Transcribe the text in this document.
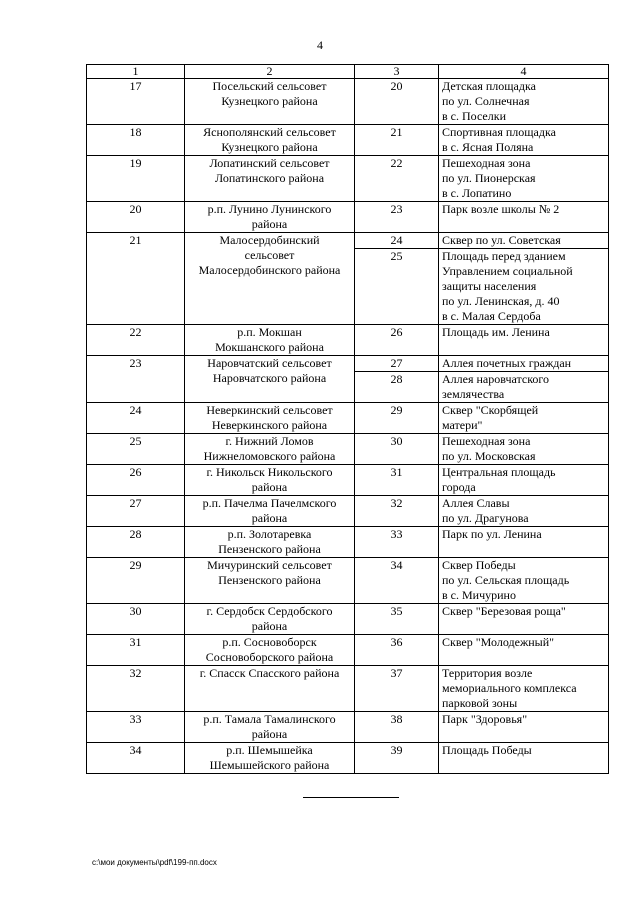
4
1	2	3	4
17	Посельский сельсовет
Кузнецкого района	20	Детская площадка
по ул. Солнечная
в с. Поселки

18	Яснополянский сельсовет
Кузнецкого района	21	Спортивная площадка
в с. Ясная Поляна

19	Лопатинский сельсовет
Лопатинского района	22	Пешеходная зона
по ул. Пионерская
в с. Лопатино

20	р.п. Лунино Лунинского
района	23	Парк возле школы № 2

21	Малосердобинский
сельсовет
Малосердобинского района	24	Сквер по ул. Советская

		25	Площадь перед зданием
Управлением социальной
защиты населения
по ул. Ленинская, д. 40
в с. Малая Сердоба

22	р.п. Мокшан
Мокшанского района	26	Площадь им. Ленина

23	Наровчатский сельсовет
Наровчатского района	27	Аллея почетных граждан

		28	Аллея наровчатского
землячества

24	Неверкинский сельсовет
Неверкинского района	29	Сквер "Скорбящей
матери"

25	г. Нижний Ломов
Нижнеломовского района	30	Пешеходная зона
по ул. Московская

26	г. Никольск Никольского
района	31	Центральная площадь
города

27	р.п. Пачелма Пачелмского
района	32	Аллея Славы
по ул. Драгунова

28	р.п. Золотаревка
Пензенского района	33	Парк по ул. Ленина

29	Мичуринский сельсовет
Пензенского района	34	Сквер Победы
по ул. Сельская площадь
в с. Мичурино

30	г. Сердобск Сердобского
района	35	Сквер "Березовая роща"

31	р.п. Сосновоборск
Сосновоборского района	36	Сквер "Молодежный"

32	г. Спасск Спасского района	37	Территория возле
мемориального комплекса
парковой зоны

33	р.п. Тамала Тамалинского
района	38	Парк "Здоровья"

34	р.п. Шемышейка
Шемышейского района	39	Площадь Победы
c:\мои документы\pdf\199-пп.docx
